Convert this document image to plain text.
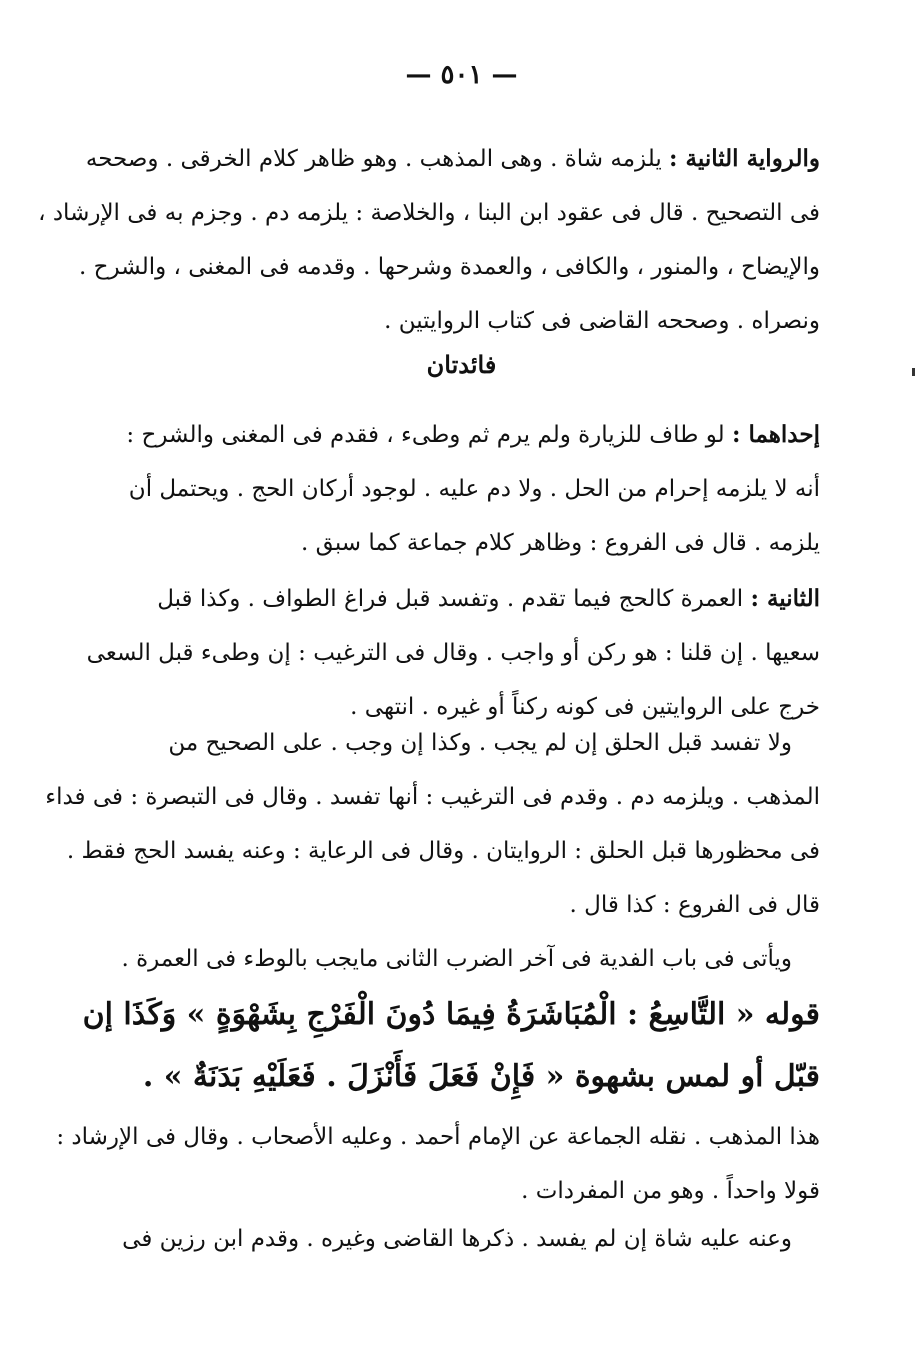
— ٥٠١ —
والرواية الثانية : يلزمه شاة . وهى المذهب . وهو ظاهر كلام الخرقى . وصححه
فى التصحيح . قال فى عقود ابن البنا ، والخلاصة : يلزمه دم . وجزم به فى الإرشاد ،
والإيضاح ، والمنور ، والكافى ، والعمدة وشرحها . وقدمه فى المغنى ، والشرح .
ونصراه . وصححه القاضى فى كتاب الروايتين .
فائدتان
إحداهما : لو طاف للزيارة ولم يرم ثم وطىء ، فقدم فى المغنى والشرح :
أنه لا يلزمه إحرام من الحل . ولا دم عليه . لوجود أركان الحج . ويحتمل أن
يلزمه . قال فى الفروع : وظاهر كلام جماعة كما سبق .
الثانية : العمرة كالحج فيما تقدم . وتفسد قبل فراغ الطواف . وكذا قبل
سعيها . إن قلنا : هو ركن أو واجب . وقال فى الترغيب : إن وطىء قبل السعى
خرج على الروايتين فى كونه ركناً أو غيره . انتهى .
ولا تفسد قبل الحلق إن لم يجب . وكذا إن وجب . على الصحيح من
المذهب . ويلزمه دم . وقدم فى الترغيب : أنها تفسد . وقال فى التبصرة : فى فداء
فى محظورها قبل الحلق : الروايتان . وقال فى الرعاية : وعنه يفسد الحج فقط .
قال فى الفروع : كذا قال .
ويأتى فى باب الفدية فى آخر الضرب الثانى مايجب بالوطء فى العمرة .
قوله « التَّاسِعُ : الْمُبَاشَرَةُ فِيمَا دُونَ الْفَرْجِ بِشَهْوَةٍ » وَكَذَا إن
قبّل أو لمس بشهوة « فَإِنْ فَعَلَ فَأَنْزَلَ . فَعَلَيْهِ بَدَنَةٌ » .
هذا المذهب . نقله الجماعة عن الإمام أحمد . وعليه الأصحاب . وقال فى الإرشاد :
قولا واحداً . وهو من المفردات .
وعنه عليه شاة إن لم يفسد . ذكرها القاضى وغيره . وقدم ابن رزين فى
